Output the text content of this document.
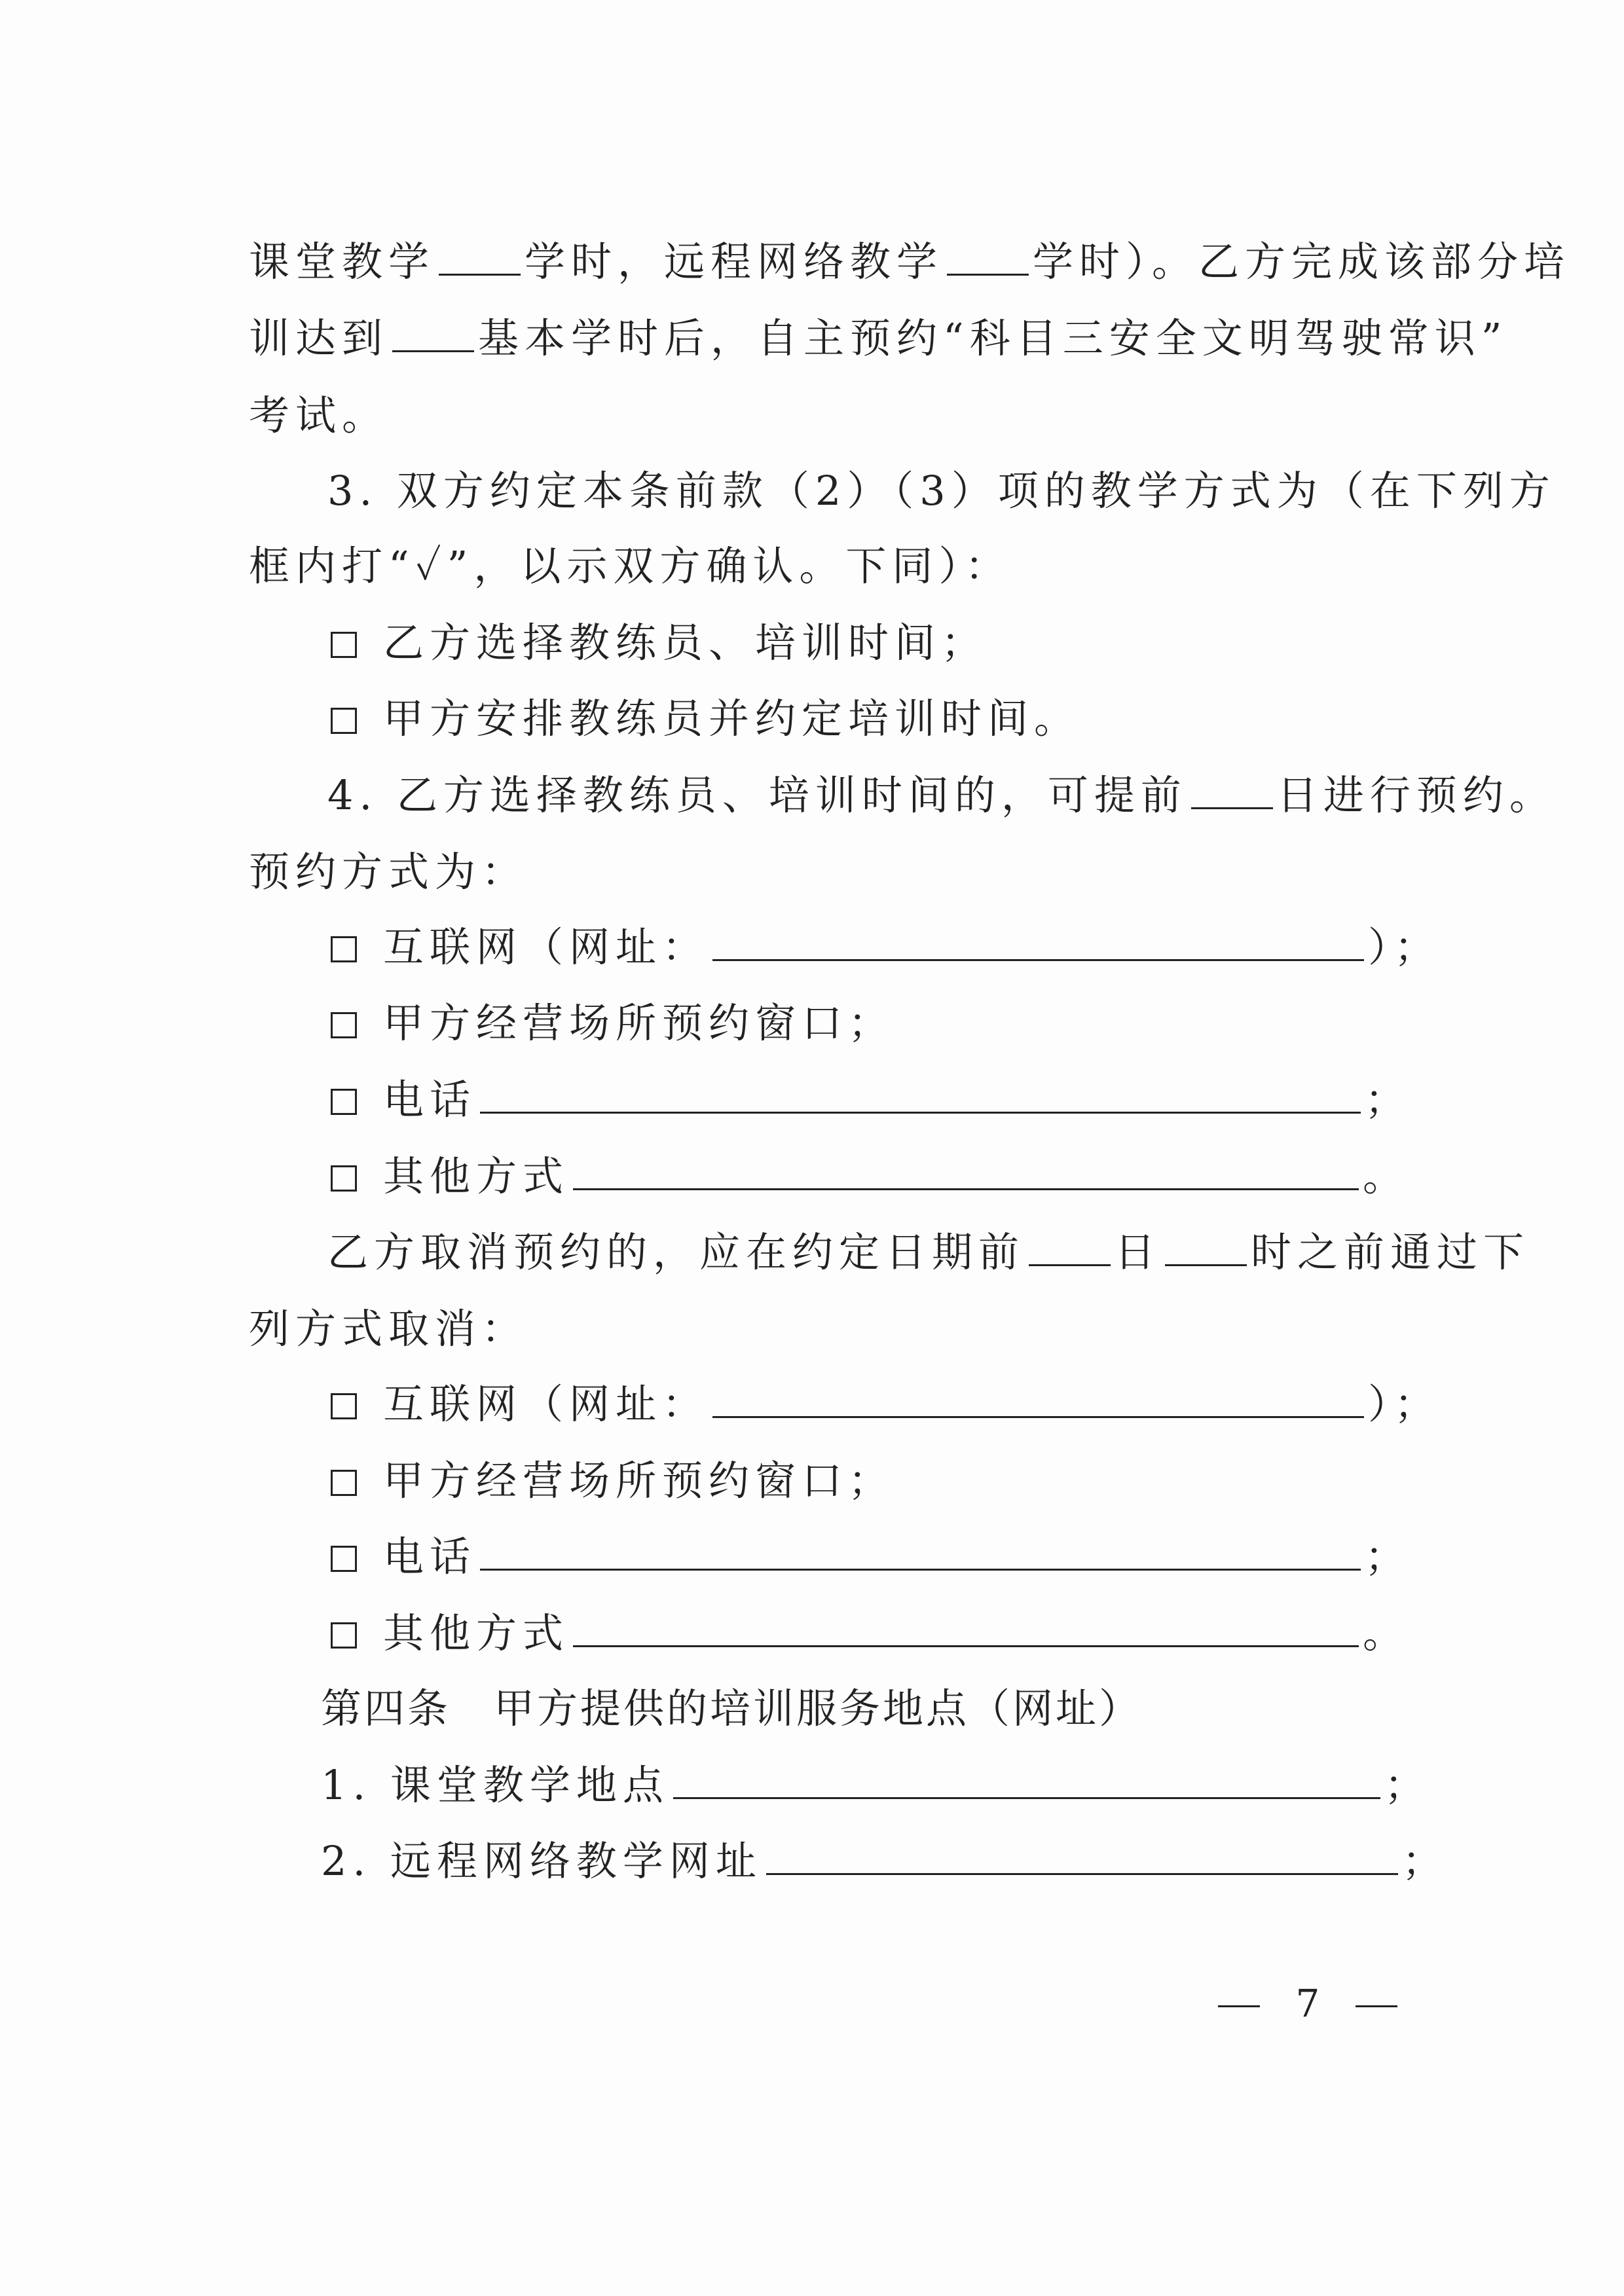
课堂教学 学时，远程网络教学 学时）。乙方完成该部分培
训达到 基本学时后，自主预约“科目三安全文明驾驶常识”
考试。
3. 双方约定本条前款（2）（3）项的教学方式为（在下列方
框内打“✓”，以示双方确认。下同）：
乙方选择教练员、培训时间；
甲方安排教练员并约定培训时间。
4. 乙方选择教练员、培训时间的，可提前 日进行预约。
预约方式为：
互联网（网址：	）；
甲方经营场所预约窗口；
电话	；
其他方式	。
乙方取消预约的，应在约定日期前 日 时之前通过下
列方式取消：
互联网（网址：	）；
甲方经营场所预约窗口；
电话	；
其他方式	。
第四条　甲方提供的培训服务地点（网址）
1. 课堂教学地点	；
2. 远程网络教学网址	；
7
